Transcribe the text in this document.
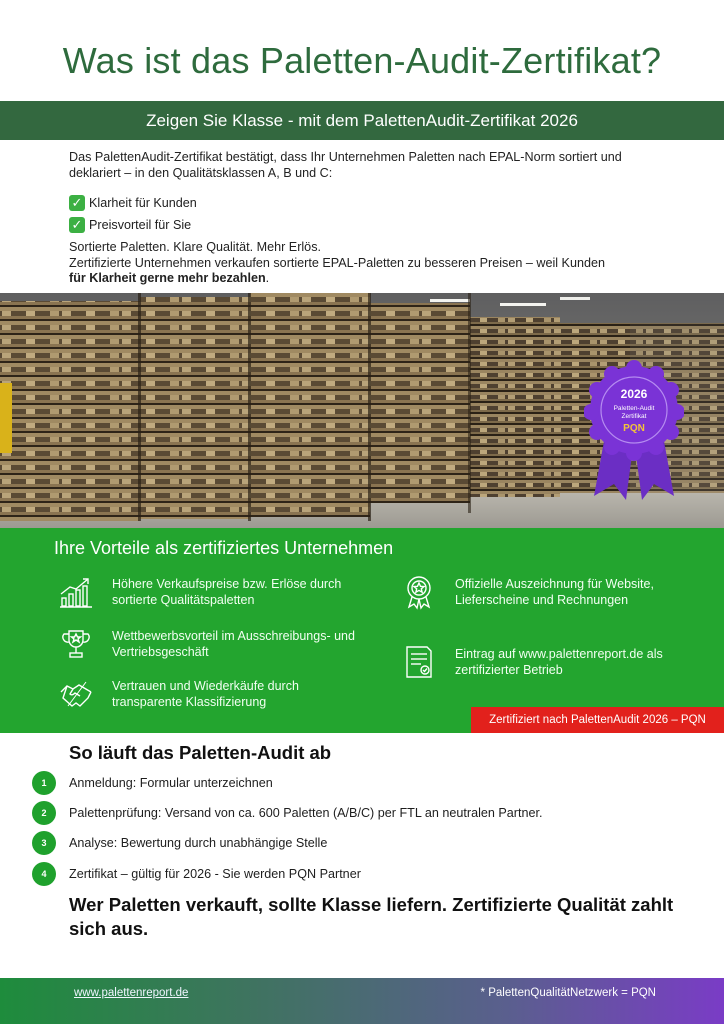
Was ist das Paletten-Audit-Zertifikat?
Zeigen Sie Klasse - mit dem PalettenAudit-Zertifikat 2026

Das PalettenAudit-Zertifikat bestätigt, dass Ihr Unternehmen Paletten nach EPAL-Norm sortiert und deklariert – in den Qualitätsklassen A, B und C:

✓ Klarheit für Kunden
✓ Preisvorteil für Sie
Sortierte Paletten. Klare Qualität. Mehr Erlös.
Zertifizierte Unternehmen verkaufen sortierte EPAL-Paletten zu besseren Preisen – weil Kunden
für Klarheit gerne mehr bezahlen.
2026
Paletten-Audit
Zertifikat
PQN
Ihre Vorteile als zertifiziertes Unternehmen
Höhere Verkaufspreise bzw. Erlöse durch sortierte Qualitätspaletten
Wettbewerbsvorteil im Ausschreibungs- und Vertriebsgeschäft
Vertrauen und Wiederkäufe durch transparente Klassifizierung
Offizielle Auszeichnung für Website, Lieferscheine und Rechnungen
Eintrag auf www.palettenreport.de als zertifizierter Betrieb
Zertifiziert nach PalettenAudit 2026 – PQN
So läuft das Paletten-Audit ab
1	Anmeldung: Formular unterzeichnen
2	Palettenprüfung: Versand von ca. 600 Paletten (A/B/C) per FTL an neutralen Partner.
3	Analyse: Bewertung durch unabhängige Stelle
4	Zertifikat – gültig für 2026 - Sie werden PQN Partner

Wer Paletten verkauft, sollte Klasse liefern. Zertifizierte Qualität zahlt sich aus.

www.palettenreport.de	* PalettenQualitätNetzwerk = PQN
